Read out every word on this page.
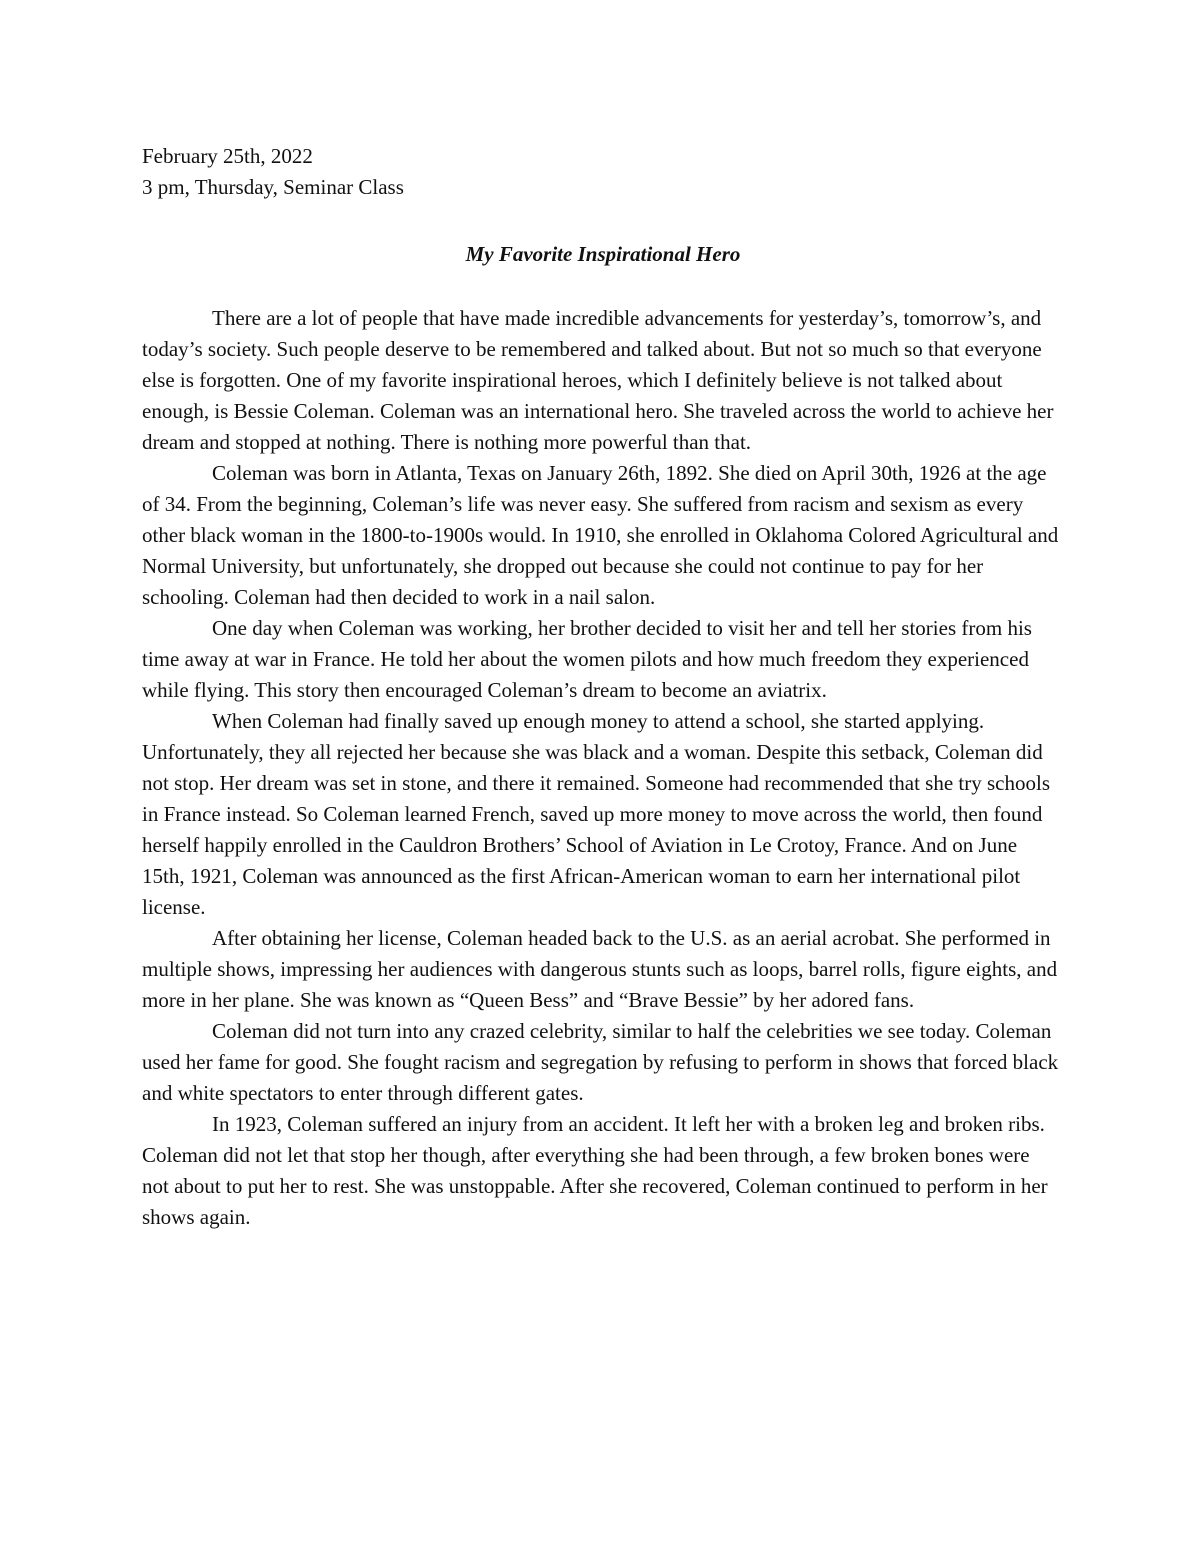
February 25th, 2022

3 pm, Thursday, Seminar Class

My Favorite Inspirational Hero

There are a lot of people that have made incredible advancements for yesterday’s, tomorrow’s, and today’s society. Such people deserve to be remembered and talked about. But not so much so that everyone else is forgotten. One of my favorite inspirational heroes, which I definitely believe is not talked about enough, is Bessie Coleman. Coleman was an international hero. She traveled across the world to achieve her dream and stopped at nothing. There is nothing more powerful than that.

Coleman was born in Atlanta, Texas on January 26th, 1892. She died on April 30th, 1926 at the age of 34. From the beginning, Coleman’s life was never easy. She suffered from racism and sexism as every other black woman in the 1800-to-1900s would. In 1910, she enrolled in Oklahoma Colored Agricultural and Normal University, but unfortunately, she dropped out because she could not continue to pay for her schooling. Coleman had then decided to work in a nail salon.

One day when Coleman was working, her brother decided to visit her and tell her stories from his time away at war in France. He told her about the women pilots and how much freedom they experienced while flying. This story then encouraged Coleman’s dream to become an aviatrix.

When Coleman had finally saved up enough money to attend a school, she started applying. Unfortunately, they all rejected her because she was black and a woman. Despite this setback, Coleman did not stop. Her dream was set in stone, and there it remained. Someone had recommended that she try schools in France instead. So Coleman learned French, saved up more money to move across the world, then found herself happily enrolled in the Cauldron Brothers’ School of Aviation in Le Crotoy, France. And on June 15th, 1921, Coleman was announced as the first African-American woman to earn her international pilot license.

After obtaining her license, Coleman headed back to the U.S. as an aerial acrobat. She performed in multiple shows, impressing her audiences with dangerous stunts such as loops, barrel rolls, figure eights, and more in her plane. She was known as “Queen Bess” and “Brave Bessie” by her adored fans.

Coleman did not turn into any crazed celebrity, similar to half the celebrities we see today. Coleman used her fame for good. She fought racism and segregation by refusing to perform in shows that forced black and white spectators to enter through different gates.

In 1923, Coleman suffered an injury from an accident. It left her with a broken leg and broken ribs. Coleman did not let that stop her though, after everything she had been through, a few broken bones were not about to put her to rest. She was unstoppable. After she recovered, Coleman continued to perform in her shows again.
